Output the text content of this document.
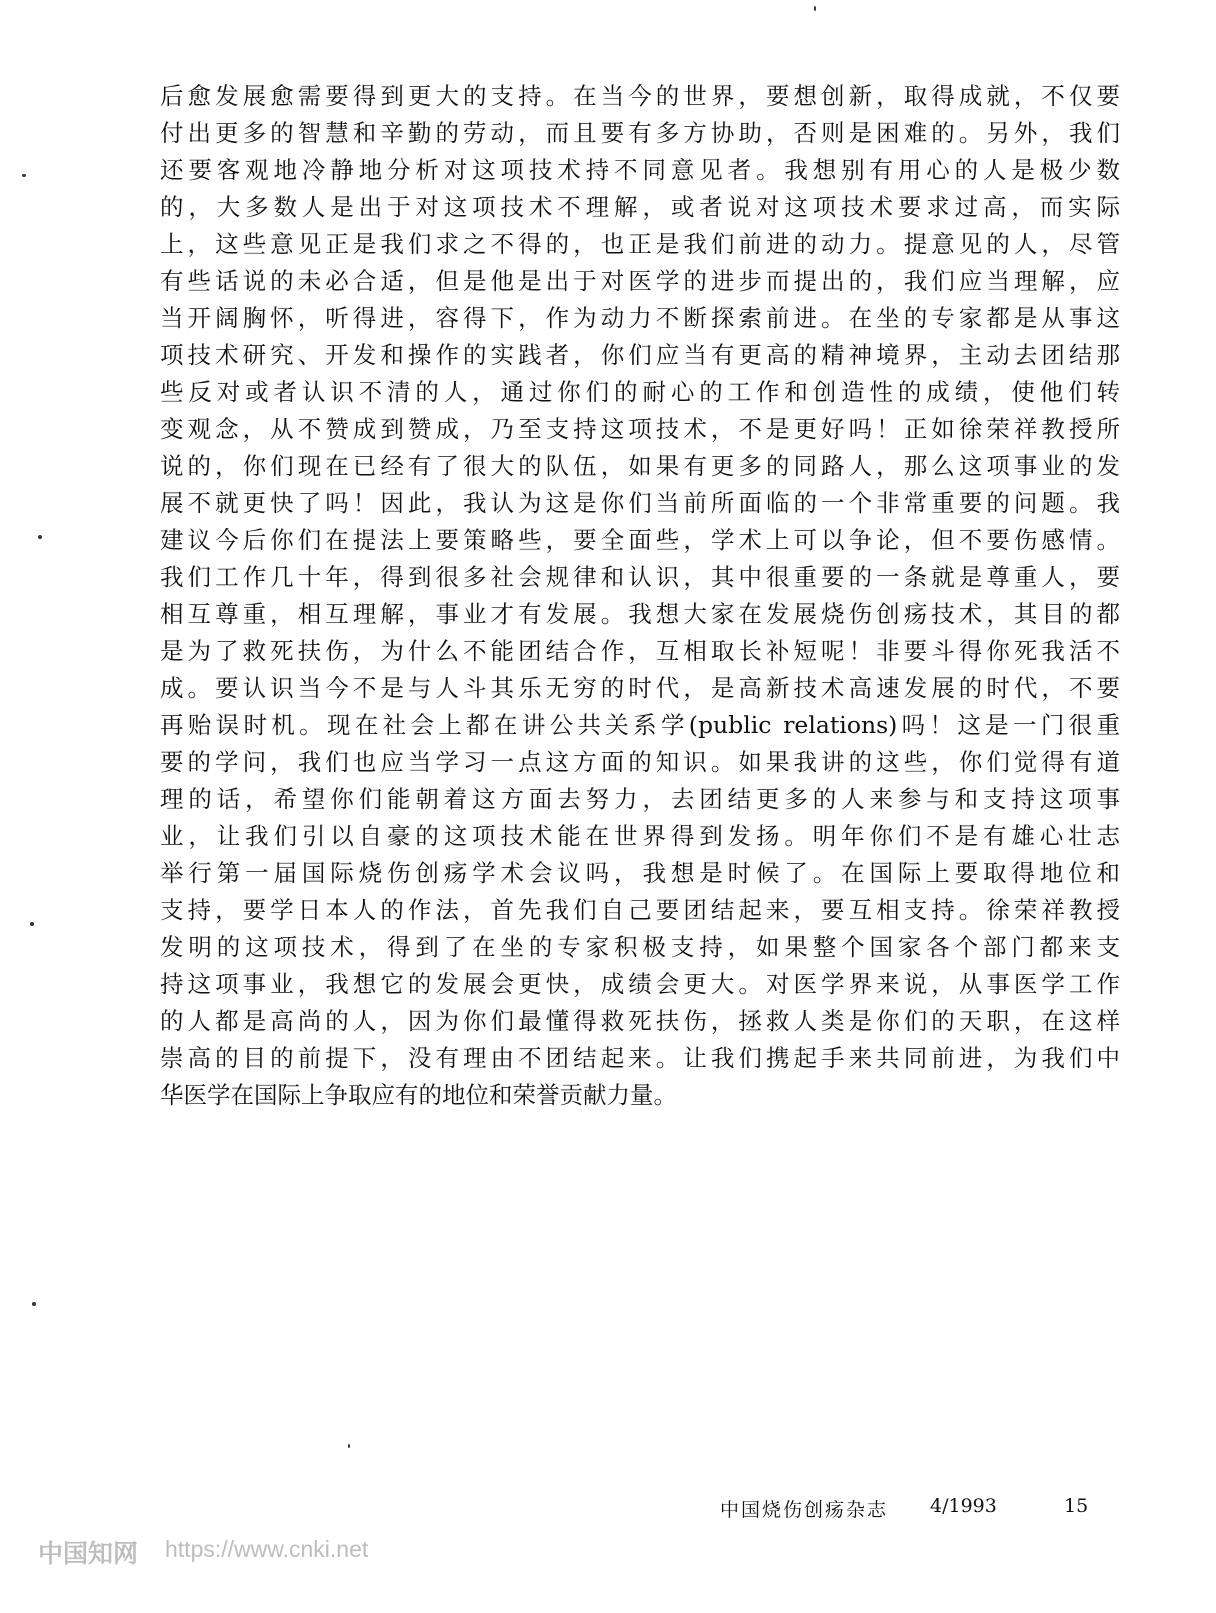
后愈发展愈需要得到更大的支持。在当今的世界，要想创新，取得成就，不仅要
付出更多的智慧和辛勤的劳动，而且要有多方协助，否则是困难的。另外，我们
还要客观地冷静地分析对这项技术持不同意见者。我想别有用心的人是极少数
的，大多数人是出于对这项技术不理解，或者说对这项技术要求过高，而实际
上，这些意见正是我们求之不得的，也正是我们前进的动力。提意见的人，尽管
有些话说的未必合适，但是他是出于对医学的进步而提出的，我们应当理解，应
当开阔胸怀，听得进，容得下，作为动力不断探索前进。在坐的专家都是从事这
项技术研究、开发和操作的实践者，你们应当有更高的精神境界，主动去团结那
些反对或者认识不清的人，通过你们的耐心的工作和创造性的成绩，使他们转
变观念，从不赞成到赞成，乃至支持这项技术，不是更好吗！正如徐荣祥教授所
说的，你们现在已经有了很大的队伍，如果有更多的同路人，那么这项事业的发
展不就更快了吗！因此，我认为这是你们当前所面临的一个非常重要的问题。我
建议今后你们在提法上要策略些，要全面些，学术上可以争论，但不要伤感情。
我们工作几十年，得到很多社会规律和认识，其中很重要的一条就是尊重人，要
相互尊重，相互理解，事业才有发展。我想大家在发展烧伤创疡技术，其目的都
是为了救死扶伤，为什么不能团结合作，互相取长补短呢！非要斗得你死我活不
成。要认识当今不是与人斗其乐无穷的时代，是高新技术高速发展的时代，不要
再贻误时机。现在社会上都在讲公共关系学(public relations)吗！这是一门很重
要的学问，我们也应当学习一点这方面的知识。如果我讲的这些，你们觉得有道
理的话，希望你们能朝着这方面去努力，去团结更多的人来参与和支持这项事
业，让我们引以自豪的这项技术能在世界得到发扬。明年你们不是有雄心壮志
举行第一届国际烧伤创疡学术会议吗，我想是时候了。在国际上要取得地位和
支持，要学日本人的作法，首先我们自己要团结起来，要互相支持。徐荣祥教授
发明的这项技术，得到了在坐的专家积极支持，如果整个国家各个部门都来支
持这项事业，我想它的发展会更快，成绩会更大。对医学界来说，从事医学工作
的人都是高尚的人，因为你们最懂得救死扶伤，拯救人类是你们的天职，在这样
崇高的目的前提下，没有理由不团结起来。让我们携起手来共同前进，为我们中
华医学在国际上争取应有的地位和荣誉贡献力量。
中国烧伤创疡杂志 4/1993	15
中国知网 https://www.cnki.net
